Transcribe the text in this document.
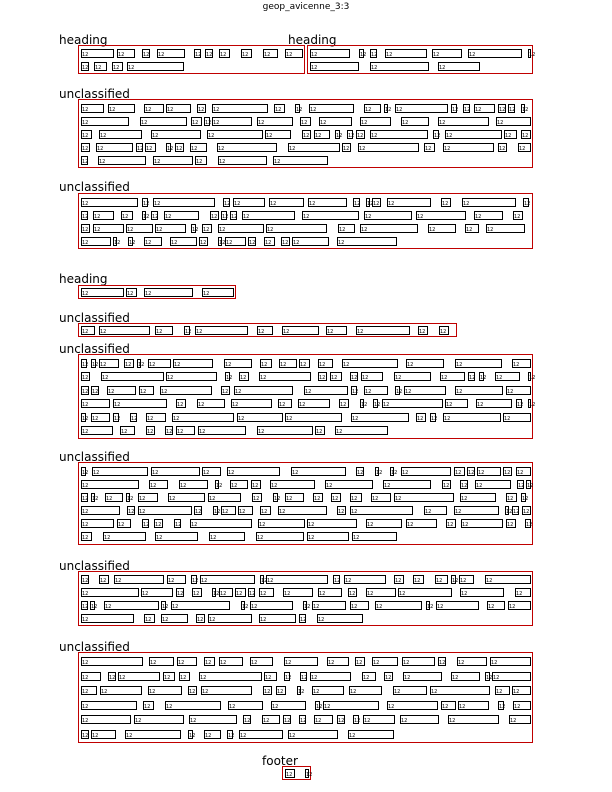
geop_avicenne_3:3
heading
12	12	12 12	12 12 12	12	12	12
12 12 12 12
heading
12	12 12 12	12	12	12
12	12	12
unclassified
12	12	12	12	12 12	12	12 12	12	12 12	12 12 12	12 12 12
12	12	12 12 12	12	12	12	12	12	12	12
12 12	12	12	12	12 12	12 12 12 12	12 12	12 12
12 12	12 12	12 12 12	12	12	12 12	12	12	12	12
12 12	12	12	12	12
unclassified
12	12 12	12 12	12	12	12 12 12 12	12	12	12
12 12	12	12 12 12	12 12 12 12	12	12	12	12	12
12 12	12	12	12 12 12	12	12	12	12	12	12
12	12 12 12	12	12	12 12	12 12 12 12	12
heading
12	12 12	12
unclassified
12 12	12	12 12	12	12	12	12	12	12
unclassified
12 12 12	12 12 12	12	12	12	12	12	12	12	12	12	12
12	12	12	12 12	12	12 12	12 12	12	12	12 12 12	12
12 12 12	12	12	12 12	12	12 12	12 12	12	12
12	12	12	12	12	12	12	12	12 12 12	12	12	12 12
12 12	12 12 12	12	12	12	12	12 12 12	12
12	12	12	12 12	12	12	12	12
unclassified
12 12	12	12	12	12	12	12 12 12	12 12 12	12 12
12	12	12	12 12	12	12	12	12	12 12 12	12 12
12 12 12	12 12	12	12	12	12 12	12 12	12	12	12	12	12 12
12	12 12	12	12 12 12	12 12	12 12	12	12	12 12 12
12	12	12 12	12 12	12	12	12	12	12 12	12	12
12	12	12	12	12	12	12
unclassified
12 12 12	12	12 12	12 12	12 12	12	12	12 12 12	12
12	12	12 12	12 12 12 12 12	12	12	12 12	12	12	12
12 12 12	12 12	12 12	12 12	12	12	12 12	12	12
12	12 12	12 12	12	12 12
unclassified
12	12	12	12 12	12	12	12	12 12	12	12	12	12
12	12 12	12 12	12	12	12 12 12	12	12	12	12	12 12
12	12	12	12 12	12 12	12 12	12	12	12	12 12
12	12	12	12	12	12 12	12	12 12	12 12
12	12	12	12	12	12 12 12	12 12 12	12	12	12
12 12	12	12 12	12 12	12	12
footer
12	12
